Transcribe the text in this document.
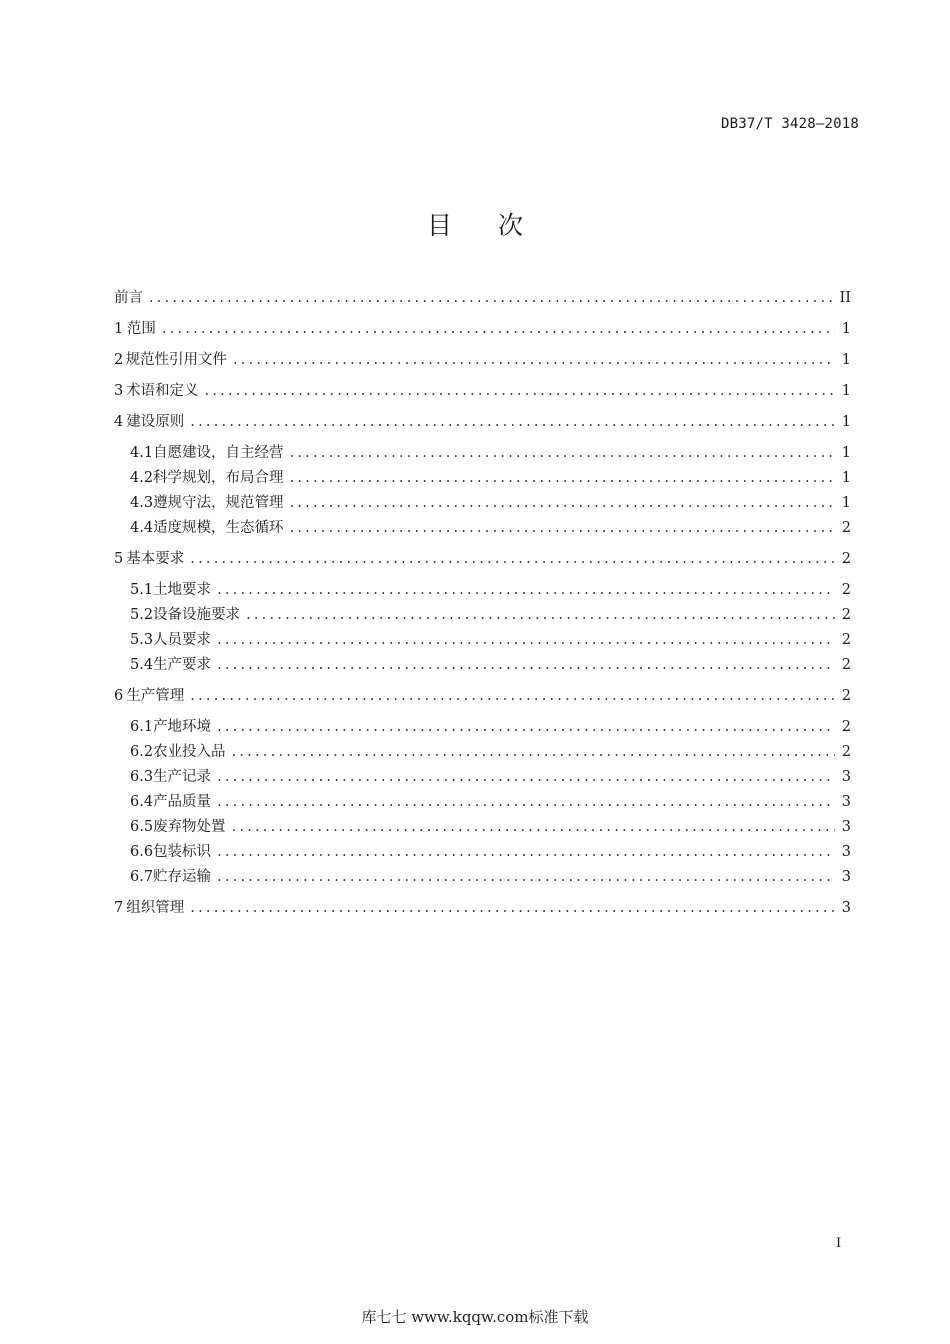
DB37/T 3428—2018
目次
前言 .....	II
1 范围 .....	1
2 规范性引用文件 .....	1
3 术语和定义 .....	1
4 建设原则 .....	1
4.1 自愿建设，自主经营 .....	1
4.2 科学规划，布局合理 .....	1
4.3 遵规守法，规范管理 .....	1
4.4 适度规模，生态循环 .....	2
5 基本要求 .....	2
5.1 土地要求 .....	2
5.2 设备设施要求 .....	2
5.3 人员要求 .....	2
5.4 生产要求 .....	2
6 生产管理 .....	2
6.1 产地环境 .....	2
6.2 农业投入品 .....	2
6.3 生产记录 .....	3
6.4 产品质量 .....	3
6.5 废弃物处置 .....	3
6.6 包装标识 .....	3
6.7 贮存运输 .....	3
7 组织管理 .....	3
I
库七七 www.kqqw.com标准下载
